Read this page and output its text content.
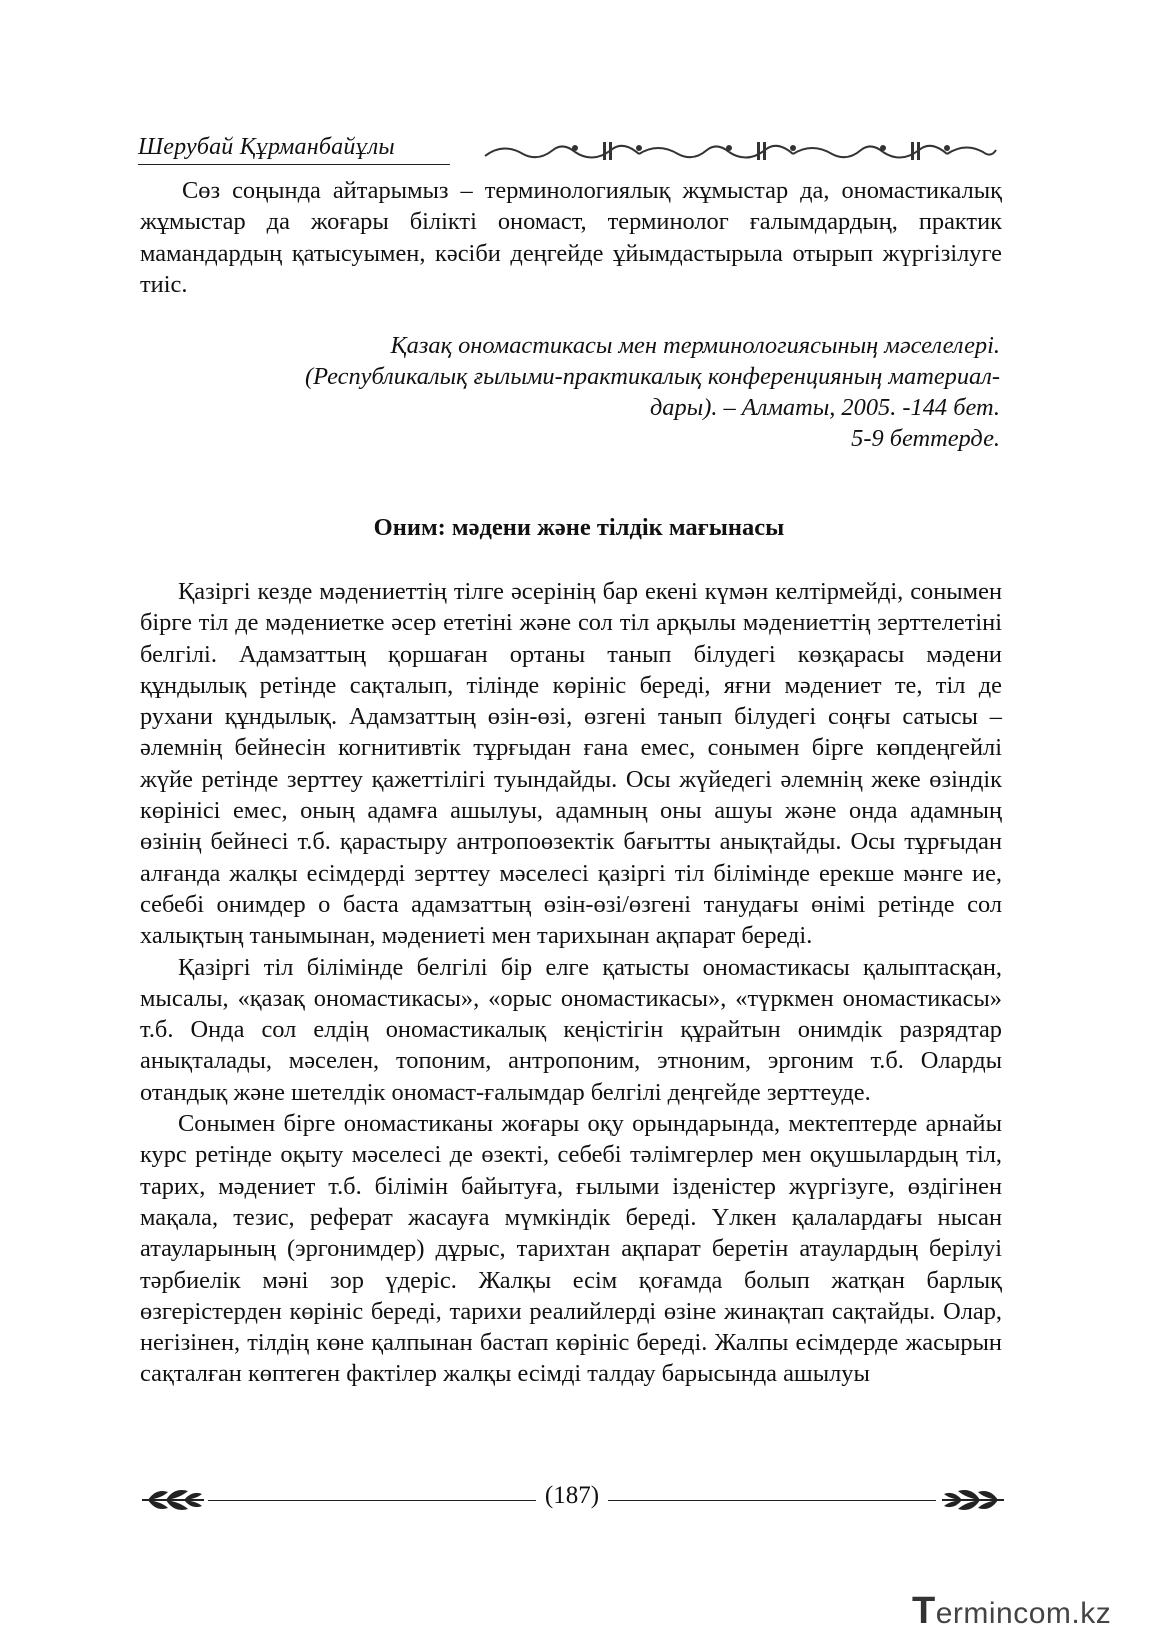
Шерубай Құрманбайұлы
Сөз соңында айтарымыз – терминологиялық жұмыстар да, ономастикалық жұмыстар да жоғары білікті ономаст, терминолог ғалымдардың, практик мамандардың қатысуымен, кәсіби деңгейде ұйымдастырыла отырып жүргізілуге тиіс.
Қазақ ономастикасы мен терминологиясының мәселелері.
(Республикалық ғылыми-практикалық конференцияның материал-
дары). – Алматы, 2005. -144 бет.
5-9 беттерде.
Оним: мәдени және тілдік мағынасы

Қазіргі кезде мәдениеттің тілге әсерінің бар екені күмән келтірмейді, сонымен бірге тіл де мәдениетке әсер ететіні және сол тіл арқылы мәдениеттің зерттелетіні белгілі. Адамзаттың қоршаған ортаны танып білудегі көзқарасы мәдени құндылық ретінде сақталып, тілінде көрініс береді, яғни мәдениет те, тіл де рухани құндылық. Адамзаттың өзін-өзі, өзгені танып білудегі соңғы сатысы – әлемнің бейнесін когнитивтік тұрғыдан ғана емес, сонымен бірге көпдеңгейлі жүйе ретінде зерттеу қажеттілігі туындайды. Осы жүйедегі әлемнің жеке өзіндік көрінісі емес, оның адамға ашылуы, адамның оны ашуы және онда адамның өзінің бейнесі т.б. қарастыру антропоөзектік бағытты анықтайды. Осы тұрғыдан алғанда жалқы есімдерді зерттеу мәселесі қазіргі тіл білімінде ерекше мәнге ие, себебі онимдер о баста адамзаттың өзін-өзі/өзгені танудағы өнімі ретінде сол халықтың танымынан, мәдениеті мен тарихынан ақпарат береді.

Қазіргі тіл білімінде белгілі бір елге қатысты ономастикасы қалыптасқан, мысалы, «қазақ ономастикасы», «орыс ономастикасы», «түркмен ономастикасы» т.б. Онда сол елдің ономастикалық кеңістігін құрайтын онимдік разрядтар анықталады, мәселен, топоним, антропоним, этноним, эргоним т.б. Оларды отандық және шетелдік ономаст-ғалымдар белгілі деңгейде зерттеуде.

Сонымен бірге ономастиканы жоғары оқу орындарында, мектептерде арнайы курс ретінде оқыту мәселесі де өзекті, себебі тәлімгерлер мен оқушылардың тіл, тарих, мәдениет т.б. білімін байытуға, ғылыми ізденістер жүргізуге, өздігінен мақала, тезис, реферат жасауға мүмкіндік береді. Үлкен қалалардағы нысан атауларының (эргонимдер) дұрыс, тарихтан ақпарат беретін атаулардың берілуі тәрбиелік мәні зор үдеріс. Жалқы есім қоғамда болып жатқан барлық өзгерістерден көрініс береді, тарихи реалийлерді өзіне жинақтап сақтайды. Олар, негізінен, тілдің көне қалпынан бастап көрініс береді. Жалпы есімдерде жасырын сақталған көптеген фактілер жалқы есімді талдау барысында ашылуы

(187)
Termincom.kz
